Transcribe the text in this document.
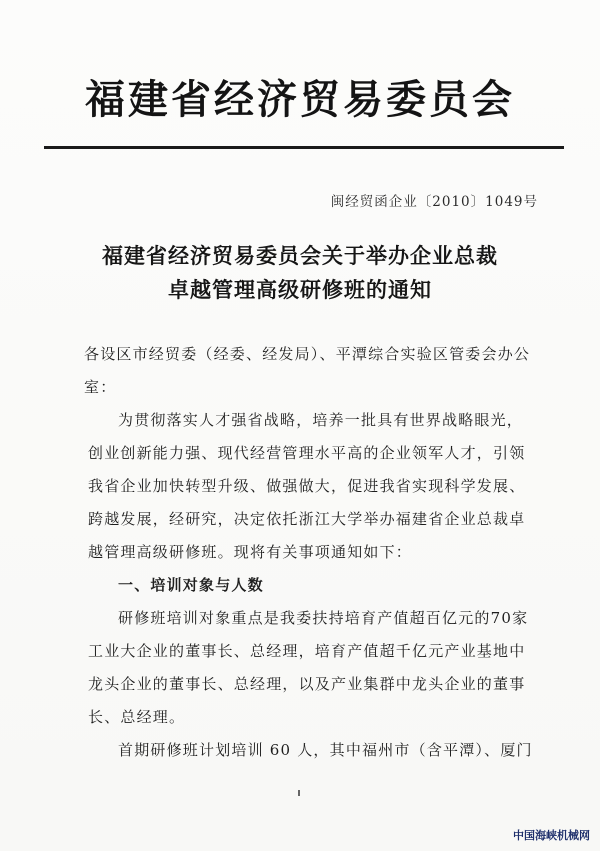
福建省经济贸易委员会
闽经贸函企业〔2010〕1049号
福建省经济贸易委员会关于举办企业总裁
卓越管理高级研修班的通知
各设区市经贸委（经委、经发局）、平潭综合实验区管委会办公
室：
为贯彻落实人才强省战略，培养一批具有世界战略眼光，
创业创新能力强、现代经营管理水平高的企业领军人才，引领
我省企业加快转型升级、做强做大，促进我省实现科学发展、
跨越发展，经研究，决定依托浙江大学举办福建省企业总裁卓
越管理高级研修班。现将有关事项通知如下：
一、培训对象与人数
研修班培训对象重点是我委扶持培育产值超百亿元的70家
工业大企业的董事长、总经理，培育产值超千亿元产业基地中
龙头企业的董事长、总经理，以及产业集群中龙头企业的董事
长、总经理。
首期研修班计划培训 60 人，其中福州市（含平潭）、厦门
中国海峡机械网
